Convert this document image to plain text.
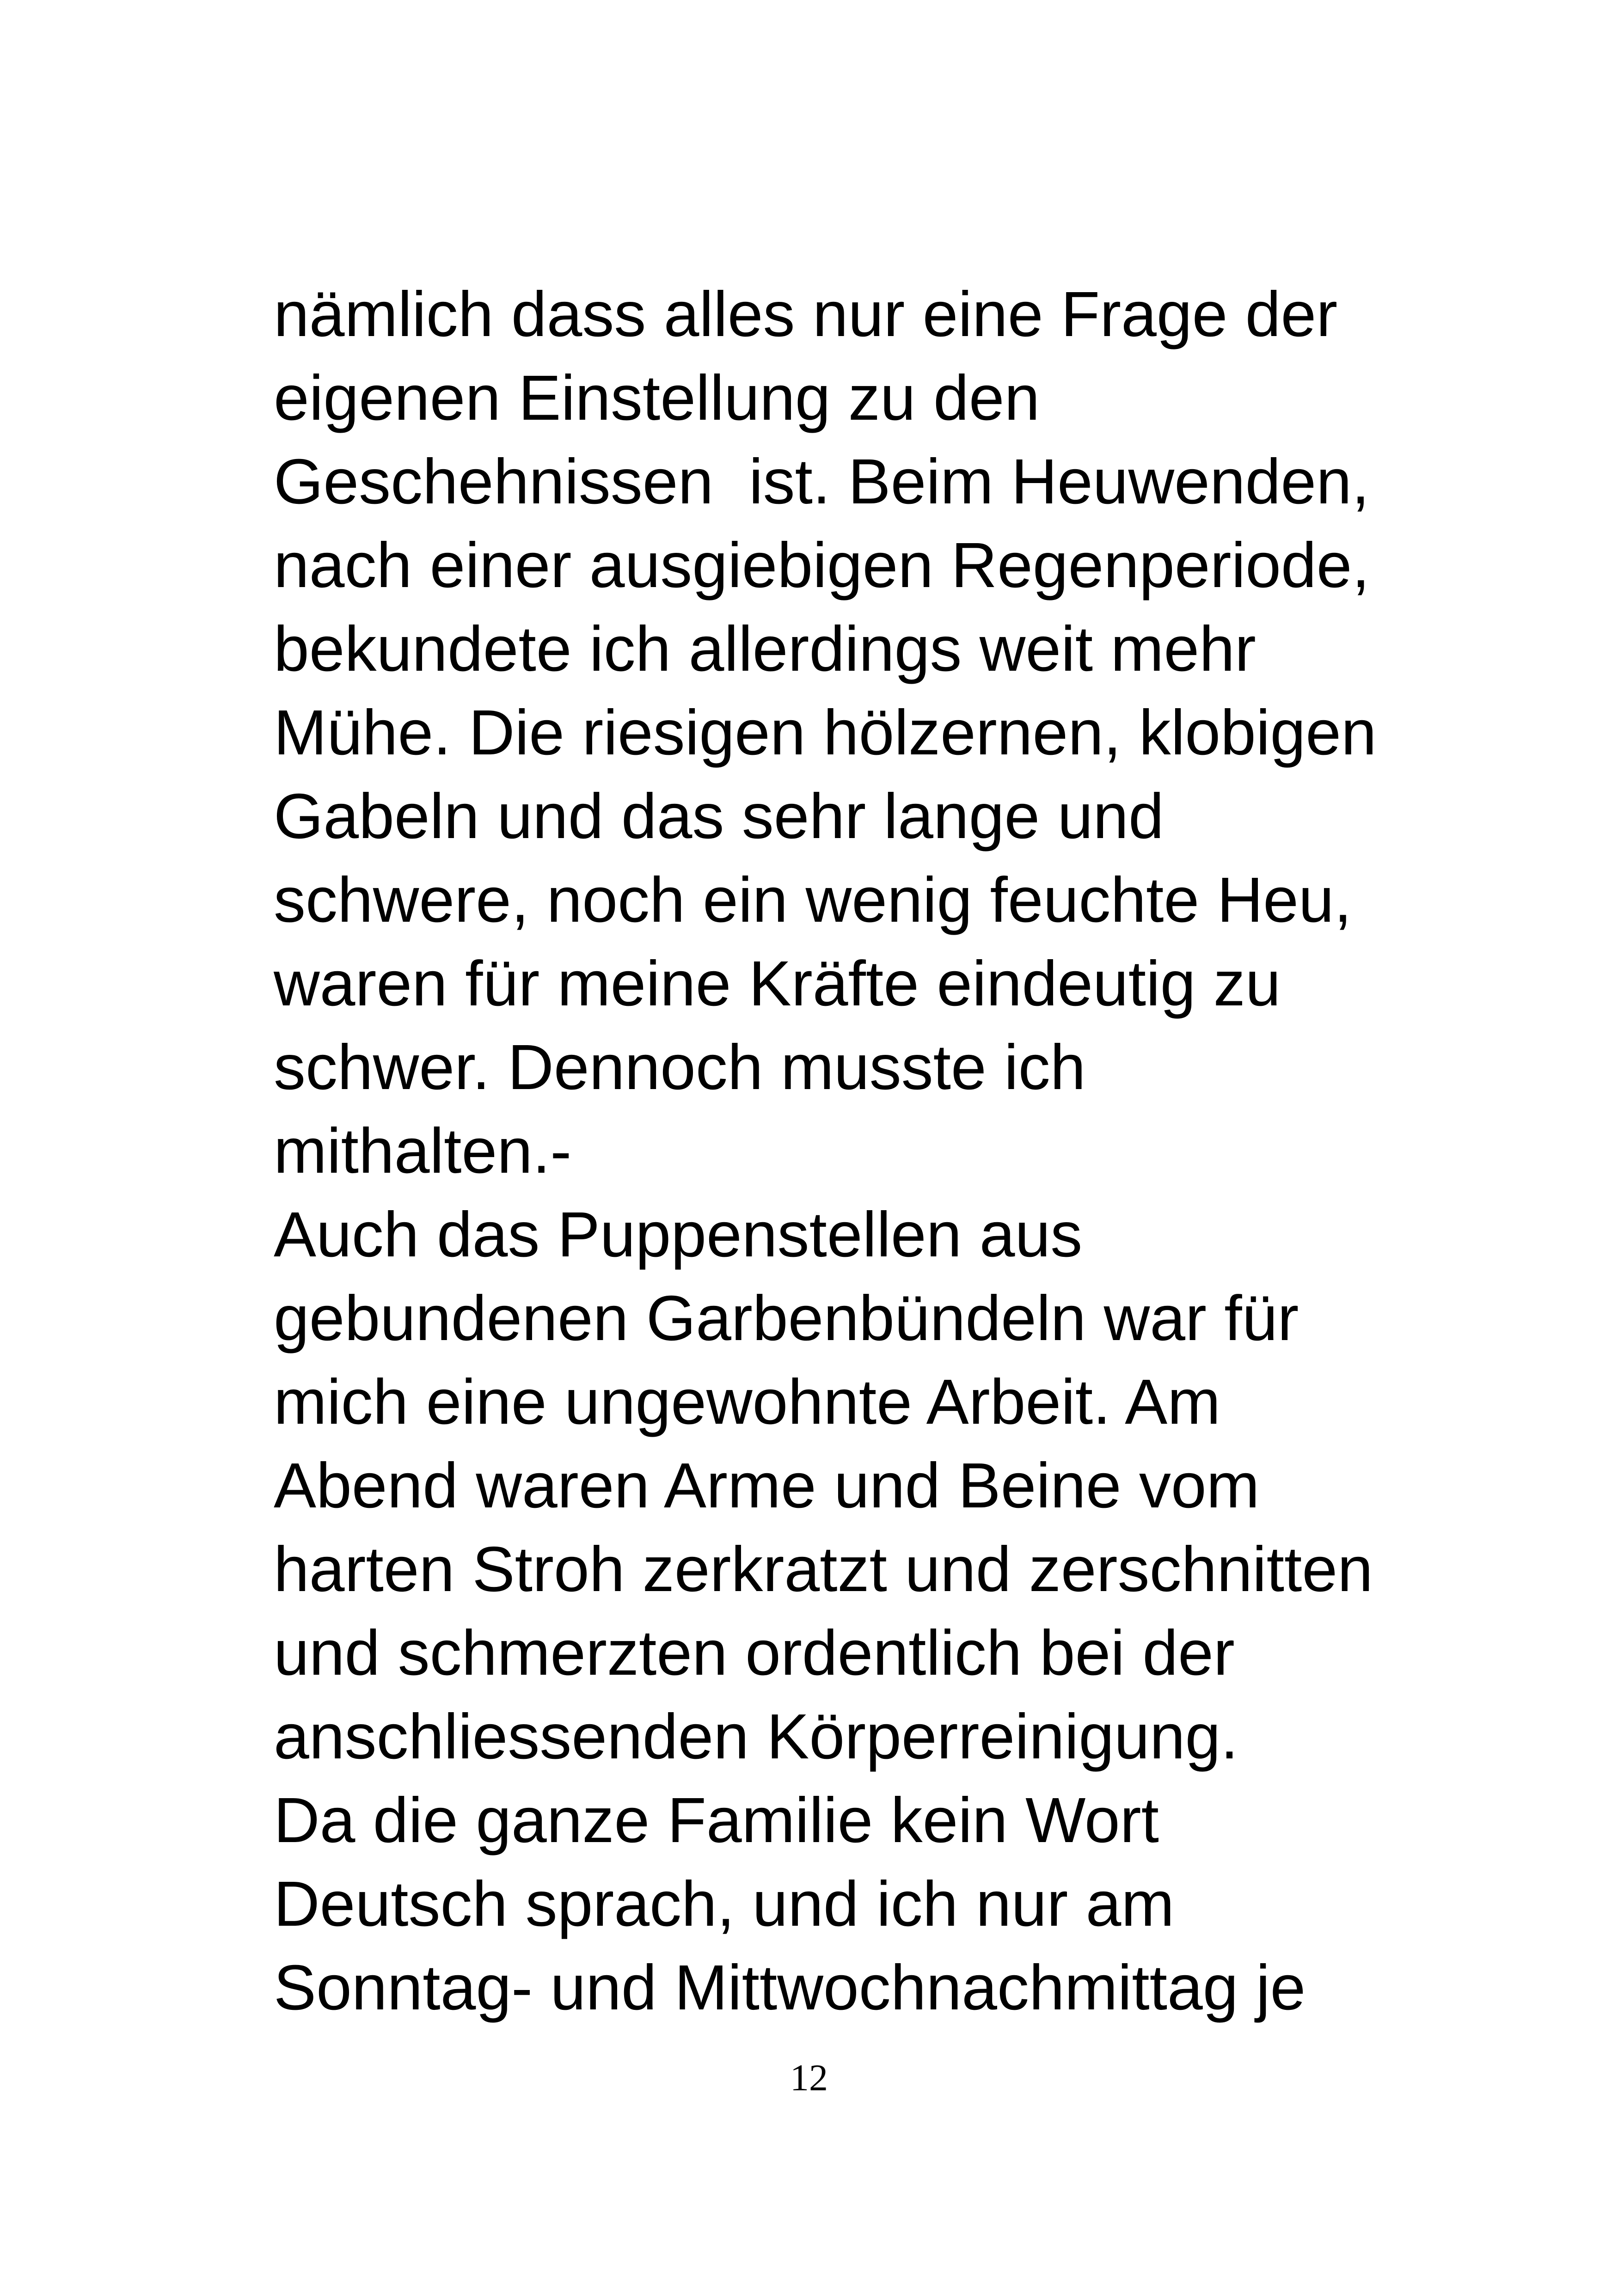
nämlich dass alles nur eine Frage der
eigenen Einstellung zu den
Geschehnissen  ist. Beim Heuwenden,
nach einer ausgiebigen Regenperiode,
bekundete ich allerdings weit mehr
Mühe. Die riesigen hölzernen, klobigen
Gabeln und das sehr lange und
schwere, noch ein wenig feuchte Heu,
waren für meine Kräfte eindeutig zu
schwer. Dennoch musste ich
mithalten.-
Auch das Puppenstellen aus
gebundenen Garbenbündeln war für
mich eine ungewohnte Arbeit. Am
Abend waren Arme und Beine vom
harten Stroh zerkratzt und zerschnitten
und schmerzten ordentlich bei der
anschliessenden Körperreinigung.
Da die ganze Familie kein Wort
Deutsch sprach, und ich nur am
Sonntag- und Mittwochnachmittag je
12
